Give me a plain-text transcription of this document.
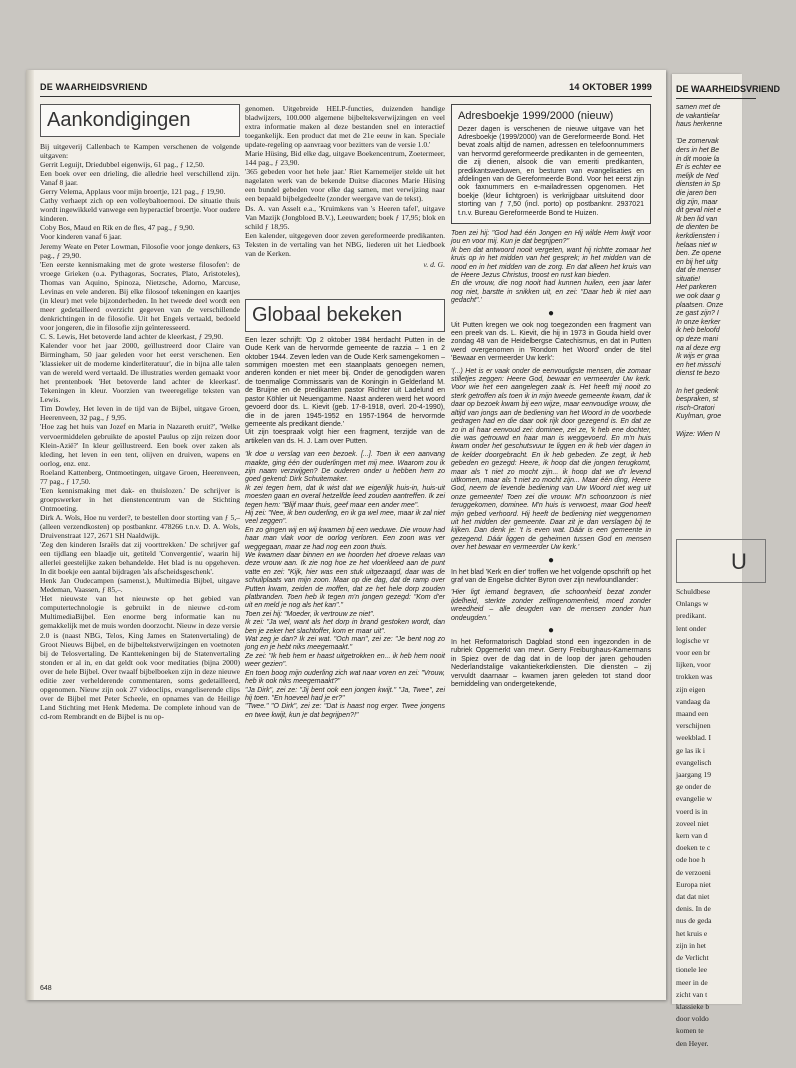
DE WAARHEIDSVRIEND	14 OKTOBER 1999
Aankondigingen

Bij uitgeverij Callenbach te Kampen verschenen de volgende uitgaven:

Gerrit Leguijt, Driedubbel eigenwijs, 61 pag., ƒ 12,50.

Een boek over een drieling, die alledrie heel verschillend zijn. Vanaf 8 jaar.

Gerry Velema, Applaus voor mijn broertje, 121 pag., ƒ 19,90.

Cathy verhaept zich op een volleybaltoernooi. De situatie thuis wordt ingewikkeld vanwege een hyperactief broertje. Voor oudere kinderen.

Coby Bos, Maud en Rik en de fles, 47 pag., ƒ 9,90.

Voor kinderen vanaf 6 jaar.

Jeremy Weate en Peter Lowman, Filosofie voor jonge denkers, 63 pag., ƒ 29,90.

'Een eerste kennismaking met de grote westerse filosofen': de vroege Grieken (o.a. Pythagoras, Socrates, Plato, Aristoteles), Thomas van Aquino, Spinoza, Nietzsche, Adorno, Marcuse, Levinas en vele anderen. Bij elke filosoof tekeningen en kaartjes (in kleur) met vele bijzonderheden. In het tweede deel wordt een meer gedetailleerd overzicht gegeven van de verschillende denkrichtingen in de filosofie. Uit het Engels vertaald, bedoeld voor jongeren, die in filosofie zijn geïnteresseerd.

C. S. Lewis, Het betoverde land achter de kleerkast, ƒ 29,90.

Kalender voor het jaar 2000, geïllustreerd door Claire van Birmingham, 50 jaar geleden voor het eerst verschenen. Een 'klassieker uit de moderne kinderliteratuur', die in bijna alle talen van de wereld werd vertaald. De illustraties werden gemaakt voor het prentenboek 'Het betoverde land achter de kleerkast'. Tekeningen in kleur. Voorzien van tweeregelige teksten van Lewis.

Tim Dowley, Het leven in de tijd van de Bijbel, uitgave Groen, Heerenveen, 32 pag., ƒ 9,95.

'Hoe zag het huis van Jozef en Maria in Nazareth eruit?', 'Welke vervoermiddelen gebruikte de apostel Paulus op zijn reizen door Klein-Azië?' In kleur geïllustreerd. Een boek over zaken als kleding, het leven in een tent, olijven en druiven, wapens en oorlog, enz. enz.

Roeland Kattenberg, Ontmoetingen, uitgave Groen, Heerenveen, 77 pag., ƒ 17,50.

'Een kennismaking met dak- en thuislozen.' De schrijver is groepswerker in het dienstencentrum van de Stichting Ontmoeting.

Dirk A. Wols, Hoe nu verder?, te bestellen door storting van ƒ 5,– (alleen verzendkosten) op postbanknr. 478266 t.n.v. D. A. Wols, Druivenstraat 127, 2671 SH Naaldwijk.

'Zeg den kinderen Israëls dat zij voorttrekken.' De schrijver gaf een tijdlang een blaadje uit, getiteld 'Convergentie', waarin hij allerlei geestelijke zaken behandelde. Het blad is nu opgeheven. In dit boekje een aantal bijdragen 'als afscheidsgeschenk'.

Henk Jan Oudecampen (samenst.), Multimedia Bijbel, uitgave Medeman, Vaassen, ƒ 85,–.

'Het nieuwste van het nieuwste op het gebied van computertechnologie is gebruikt in de nieuwe cd-rom MultimediaBijbel. Een enorme berg informatie kan nu gemakkelijk met de muis worden doorzocht. Nieuw in deze versie 2.0 is (naast NBG, Telos, King James en Statenvertaling) de Groot Nieuws Bijbel, en de bijbeltekstverwijzingen en voetnoten bij de Telosvertaling. De Kanttekeningen bij de Statenvertaling stonden er al in, en dat geldt ook voor meditaties (bijna 2000) over de hele Bijbel. Over twaalf bijbelboeken zijn in deze nieuwe editie zeer verhelderende commentaren, soms gedetailleerd, opgenomen. Nieuw zijn ook 27 videoclips, evangeliserende clips over de Bijbel met Peter Scheele, en opnames van de Heilige Land Stichting met Henk Medema. De complete inhoud van de cd-rom Rembrandt en de Bijbel is nu op-

genomen. Uitgebreide HELP-functies, duizenden handige bladwijzers, 100.000 algemene bijbelteksverwijzingen en veel extra informatie maken al deze bestanden snel en interactief toegankelijk. Een product dat met de 21e eeuw in kan. Speciale update-regeling op aanvraag voor bezitters van de versie 1.0.'

Marie Hüsing, Bid elke dag, uitgave Boekencentrum, Zoetermeer, 144 pag., ƒ 23,90.

'365 gebeden voor het hele jaar.' Riet Karnemeijer stelde uit het nagelaten werk van de bekende Duitse diacones Marie Hüsing een bundel gebeden voor elke dag samen, met verwijzing naar een bepaald bijbelgedeelte (zonder weergave van de tekst).

Ds. A. van Asselt e.a., 'Kruimkens van 's Heeren tafel', uitgave Van Mazijk (Jongbloed B.V.), Leeuwarden; boek ƒ 17,95; blok en schild ƒ 18,95.

Een kalender, uitgegeven door zeven gereformeerde predikanten. Teksten in de vertaling van het NBG, liederen uit het Liedboek van de Kerken.

v. d. G.
Globaal bekeken

Een lezer schrijft: 'Op 2 oktober 1984 herdacht Putten in de Oude Kerk van de hervormde gemeente de razzia – 1 en 2 oktober 1944. Zeven leden van de Oude Kerk samengekomen – sommigen moesten met een staanplaats genoegen nemen, anderen konden er niet meer bij. Onder de genodigden waren de toenmalige Commissaris van de Koningin in Gelderland M. de Bruijne en de predikanten pastor Richter uit Ladelund en pastor Köhler uit Neuengamme. Naast anderen werd het woord gevoerd door ds. L. Kievit (geb. 17-8-1918, overl. 20-4-1990), die in de jaren 1945-1952 en 1957-1964 de hervormde gemeente als predikant diende.'

Uit zijn toespraak volgt hier een fragment, terzijde van de artikelen van ds. H. J. Lam over Putten.

'Ik doe u verslag van een bezoek. [...]. Toen ik een aanvang maakte, ging één der ouderlingen met mij mee. Waarom zou ik zijn naam verzwijgen? De ouderen onder u hebben hem zo goed gekend: Dirk Schuitemaker.

Ik zei tegen hem, dat ik wist dat we eigenlijk huis-in, huis-uit moesten gaan en overal hetzelfde leed zouden aantreffen. Ik zei tegen hem: "Blijf maar thuis, geef maar een ander mee".

Hij zei: "Nee, ik ben ouderling, en ik ga wel mee, maar ik zal niet veel zeggen".

En zo gingen wij en wij kwamen bij een weduwe. Die vrouw had haar man vlak voor de oorlog verloren. Een zoon was ver weggegaan, maar ze had nog een zoon thuis.

We kwamen daar binnen en we hoorden het droeve relaas van deze vrouw aan. Ik zie nog hoe ze het vloerkleed aan de punt vatte en zei: "Kijk, hier was een stuk uitgezaagd, daar was de schuilplaats van mijn zoon. Maar op die dag, dat de ramp over Putten kwam, zeiden de moffen, dat ze het hele dorp zouden platbranden. Toen heb ik tegen m'n jongen gezegd: "Kom d'er uit en meld je nog als het kan"."

Toen zei hij: "Moeder, ik vertrouw ze niet".

Ik zei: "Ja wel, want als het dorp in brand gestoken wordt, dan ben je zeker het slachtoffer, kom er maar uit".

Wat zeg je dan? Ik zei wat. "Och man", zei ze: "Je bent nog zo jong en je hebt niks meegemaakt."

Ze zei: "Ik heb hem er haast uitgetrokken en... ik heb hem nooit weer gezien".

En toen boog mijn ouderling zich wat naar voren en zei: "Vrouw, heb ik ook niks meegemaakt?"

"Ja Dirk", zei ze: "Jij bent ook een jongen kwijt." "Ja, Twee", zei hij toen. "En hoeveel had je er?"

"Twee." "O Dirk", zei ze: "Dat is haast nog erger. Twee jongens en twee kwijt, kun je dat begrijpen?!"

Adresboekje 1999/2000 (nieuw)

Dezer dagen is verschenen de nieuwe uitgave van het Adresboekje (1999/2000) van de Gereformeerde Bond. Het bevat zoals altijd de namen, adressen en telefoonnummers van hervormd gereformeerde predikanten in de gemeenten, die zij dienen, alsook die van emeriti predikanten, predikantsweduwen, en besturen van evangelisaties en afdelingen van de Gereformeerde Bond. Voor het eerst zijn ook faxnummers en e-mailadressen opgenomen. Het boekje (kleur lichtgroen) is verkrijgbaar uitsluitend door storting van ƒ 7,50 (incl. porto) op postbanknr. 2937021 t.n.v. Bureau Gereformeerde Bond te Huizen.

Toen zei hij: "God had één Jongen en Hij wilde Hem kwijt voor jou en voor mij. Kun je dat begrijpen?"

Ik ben dat antwoord nooit vergeten, want hij richtte zomaar het kruis op in het midden van het gesprek; in het midden van de nood en in het midden van de zorg. En dat alleen het kruis van de Heere Jezus Christus, troost en rust kan bieden.

En die vrouw, die nog nooit had kunnen huilen, een jaar later nog niet, barstte in snikken uit, en zei: "Daar heb ik niet aan gedacht".'

●

Uit Putten kregen we ook nog toegezonden een fragment van een preek van ds. L. Kievit, die hij in 1973 in Gouda hield over zondag 48 van de Heidelbergse Catechismus, en dat in Putten werd overgenomen in 'Rondom het Woord' onder de titel 'Bewaar en vermeerder Uw kerk':

'(...) Het is er vaak onder de eenvoudigste mensen, die zomaar stilletjes zeggen: Heere God, bewaar en vermeerder Uw kerk. Voor wie het een aangelegen zaak is. Het heeft mij nooit zo sterk getroffen als toen ik in mijn tweede gemeente kwam, dat ik daar op bezoek kwam bij een wijze, maar eenvoudige vrouw, die altijd van jongs aan de bediening van het Woord in de voorbede gedragen had en die daar ook rijk door gezegend is. En dat ze zo in al haar eenvoud zei: dominee, zei ze, 'k heb ene dochter, die was getrouwd en haar man is weggevoerd. En m'n huis kwam onder het geschutsvuur te liggen en ik heb vier dagen in de kelder doorgebracht. En ik heb gebeden. Ze zegt, ik heb gebeden en gezegd: Heere, ik hoop dat die jongen terugkomt, maar als 't niet zo mocht zijn... ik hoop dat we d'r levend uitkomen, maar als 't niet zo mocht zijn... Maar één ding, Heere God, neem de levende bediening van Uw Woord niet weg uit onze gemeente! Toen zei die vrouw: M'n schoonzoon is niet teruggekomen, dominee. M'n huis is verwoest, maar God heeft mijn gebed verhoord. Hij heeft de bediening niet weggenomen uit het midden der gemeente. Daar zit je dan verslagen bij te kijken. Dan denk je: 't is even wat. Dáár is een gemeente in gezegend. Dáár liggen de geheimen tussen God en mensen over het bewaar en vermeerder Uw kerk.'

●

In het blad 'Kerk en dier' troffen we het volgende opschrift op het graf van de Engelse dichter Byron over zijn newfoundlander:

'Hier ligt iemand begraven, die schoonheid bezat zonder ijdelheid, sterkte zonder zelfingenomenheid, moed zonder wreedheid – alle deugden van de mensen zonder hun ondeugden.'

●

In het Reformatorisch Dagblad stond een ingezonden in de rubriek Opgemerkt van mevr. Gerry Freiburghaus-Kamermans in Spiez over de dag dat in de loop der jaren gehouden Nederlandstalige vakantiekerkdiensten. Die diensten – zij vervuldt daarnaar – kwamen jaren geleden tot stand door bemiddeling van ondergetekende,

648
DE WAARHEIDSVRIEND
samen met de
de vakantielar
haus herkenne

'De zomervak
ders in het Be
in dit mooie la
Er is echter ee
melijk de Ned
diensten in Sp
die jaren ben
dig zijn, maar
dit geval niet e
Ik ben lid van
de dienten be
kerkdiensten i
helaas niet w
ben. Ze opene
en bij het uitg
dat de menser
situatie!
Het parkeren
we ook daar g
plaatsen. Onze
ze gast zijn? I
In onze kerker
ik heb beloofd
op deze mani
na al deze erg
Ik wijs er graa
en het misschi
dienst te bezo

In het gedenk
bespraken, st
risch-Oratori
Kuylman, groe

Wijze: Wien N
U
Schuldbese
Onlangs w
predikant.
lent onder
logische vr
voor een br
lijken, voor
trokken was
zijn eigen
vandaag da
maand een
verschijnen
weekblad. I
ge las ik i
evangelisch
jaargang 19
ge onder de
evangelie w
voerd is in
zoveel niet
kern van d
doeken te c
ode hoe h
de verzoeni
Europa niet
dat dat niet
denis. In de
nus de geda
het kruis e
zijn in het
de Verlicht
tionele lee
meer in de
zicht van t
klassieke b
door voldo
komen te
den Heyer.
